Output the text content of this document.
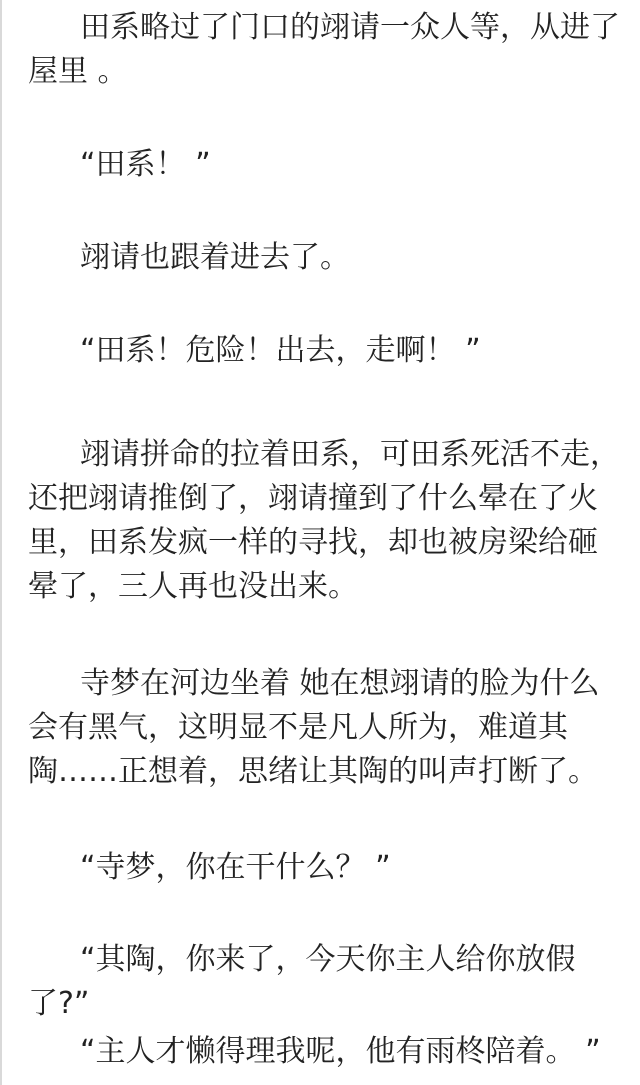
田系略过了门口的翊请一众人等，从进了屋里 。

“田系！ ”

翊请也跟着进去了。

“田系！危险！出去，走啊！ ”

翊请拼命的拉着田系，可田系死活不走，还把翊请推倒了，翊请撞到了什么晕在了火里，田系发疯一样的寻找，却也被房梁给砸晕了，三人再也没出来。

寺梦在河边坐着 她在想翊请的脸为什么会有黑气，这明显不是凡人所为，难道其陶……正想着，思绪让其陶的叫声打断了。

“寺梦，你在干什么？ ”

“其陶，你来了，今天你主人给你放假了?”

“主人才懒得理我呢，他有雨柊陪着。 ”
